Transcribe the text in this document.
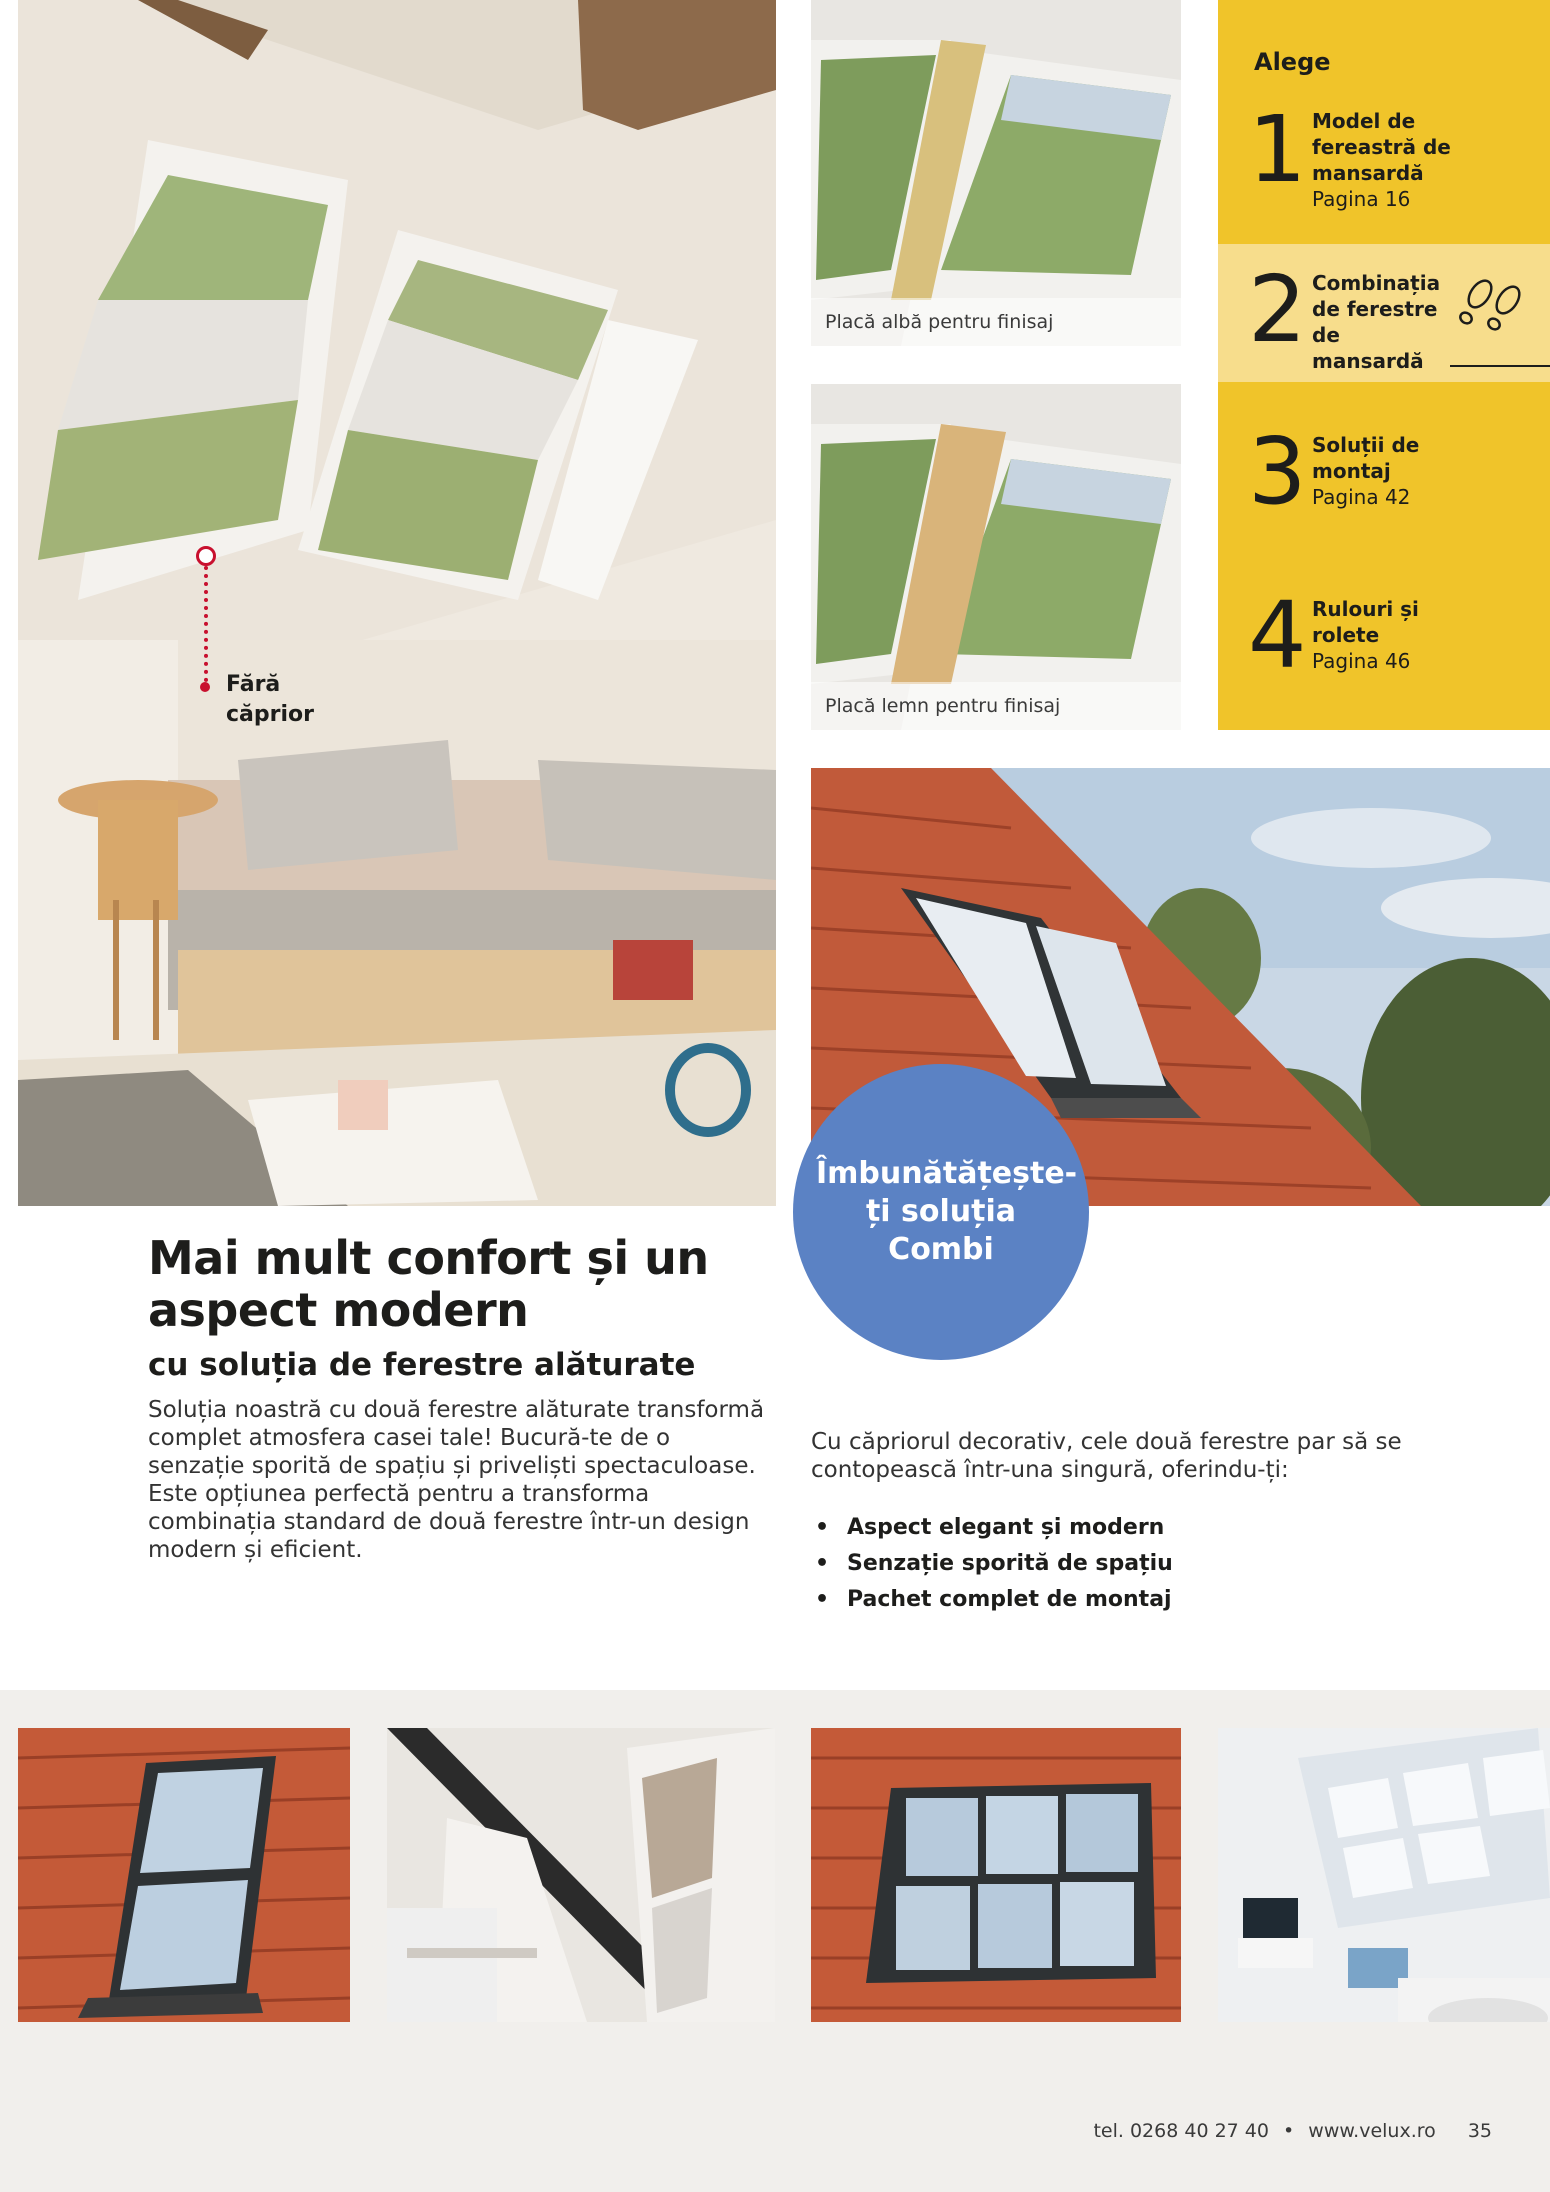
Fără căprior
Placă albă pentru finisaj
Placă lemn pentru finisaj
Alege
1 Model de fereastră de mansardă
Pagina 16
2 Combinația de ferestre de mansardă
3 Soluții de montaj
Pagina 42
4 Rulouri și rolete
Pagina 46
Îmbunătățește-ți soluția Combi
Mai mult confort și un aspect modern
cu soluția de ferestre alăturate
Soluția noastră cu două ferestre alăturate transformă complet atmosfera casei tale! Bucură-te de o senzație sporită de spațiu și priveliști spectaculoase. Este opțiunea perfectă pentru a transforma combinația standard de două ferestre într-un design modern și eficient.
Cu căpriorul decorativ, cele două ferestre par să se contopească într-una singură, oferindu-ți:
• Aspect elegant și modern
• Senzație sporită de spațiu
• Pachet complet de montaj
tel. 0268 40 27 40 • www.velux.ro 35
